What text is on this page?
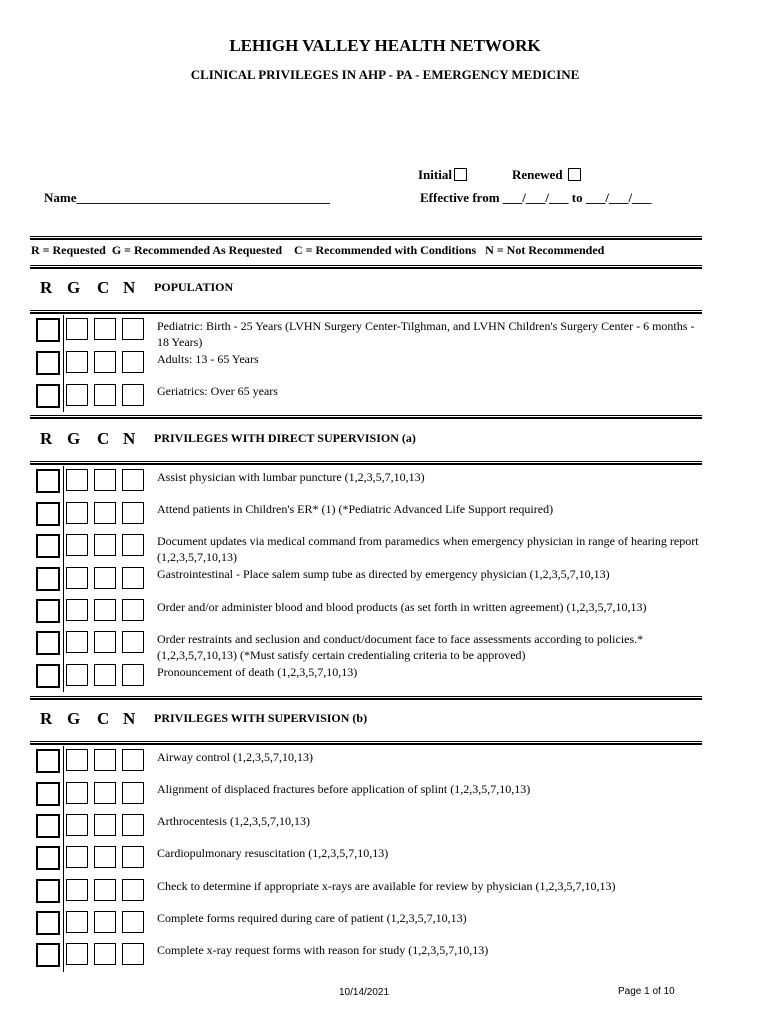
LEHIGH VALLEY HEALTH NETWORK
CLINICAL PRIVILEGES IN AHP - PA - EMERGENCY MEDICINE
Initial	Renewed
Name_______________________________________	Effective from ___/___/___ to ___/___/___
R = Requested  G = Recommended As Requested    C = Recommended with Conditions   N = Not Recommended
R G C N POPULATION
Pediatric: Birth - 25 Years (LVHN Surgery Center-Tilghman, and LVHN Children's Surgery Center - 6 months - 18 Years)
Adults: 13 - 65 Years
Geriatrics: Over 65 years
R G C N PRIVILEGES WITH DIRECT SUPERVISION (a)
Assist physician with lumbar puncture (1,2,3,5,7,10,13)
Attend patients in Children's ER* (1) (*Pediatric Advanced Life Support required)
Document updates via medical command from paramedics when emergency physician in range of hearing report (1,2,3,5,7,10,13)
Gastrointestinal - Place salem sump tube as directed by emergency physician (1,2,3,5,7,10,13)
Order and/or administer blood and blood products (as set forth in written agreement) (1,2,3,5,7,10,13)
Order restraints and seclusion and conduct/document face to face assessments according to policies.* (1,2,3,5,7,10,13) (*Must satisfy certain credentialing criteria to be approved)
Pronouncement of death (1,2,3,5,7,10,13)
R G C N PRIVILEGES WITH SUPERVISION (b)
Airway control (1,2,3,5,7,10,13)
Alignment of displaced fractures before application of splint (1,2,3,5,7,10,13)
Arthrocentesis (1,2,3,5,7,10,13)
Cardiopulmonary resuscitation (1,2,3,5,7,10,13)
Check to determine if appropriate x-rays are available for review by physician (1,2,3,5,7,10,13)
Complete forms required during care of patient (1,2,3,5,7,10,13)
Complete x-ray request forms with reason for study (1,2,3,5,7,10,13)
10/14/2021	Page 1 of 10
